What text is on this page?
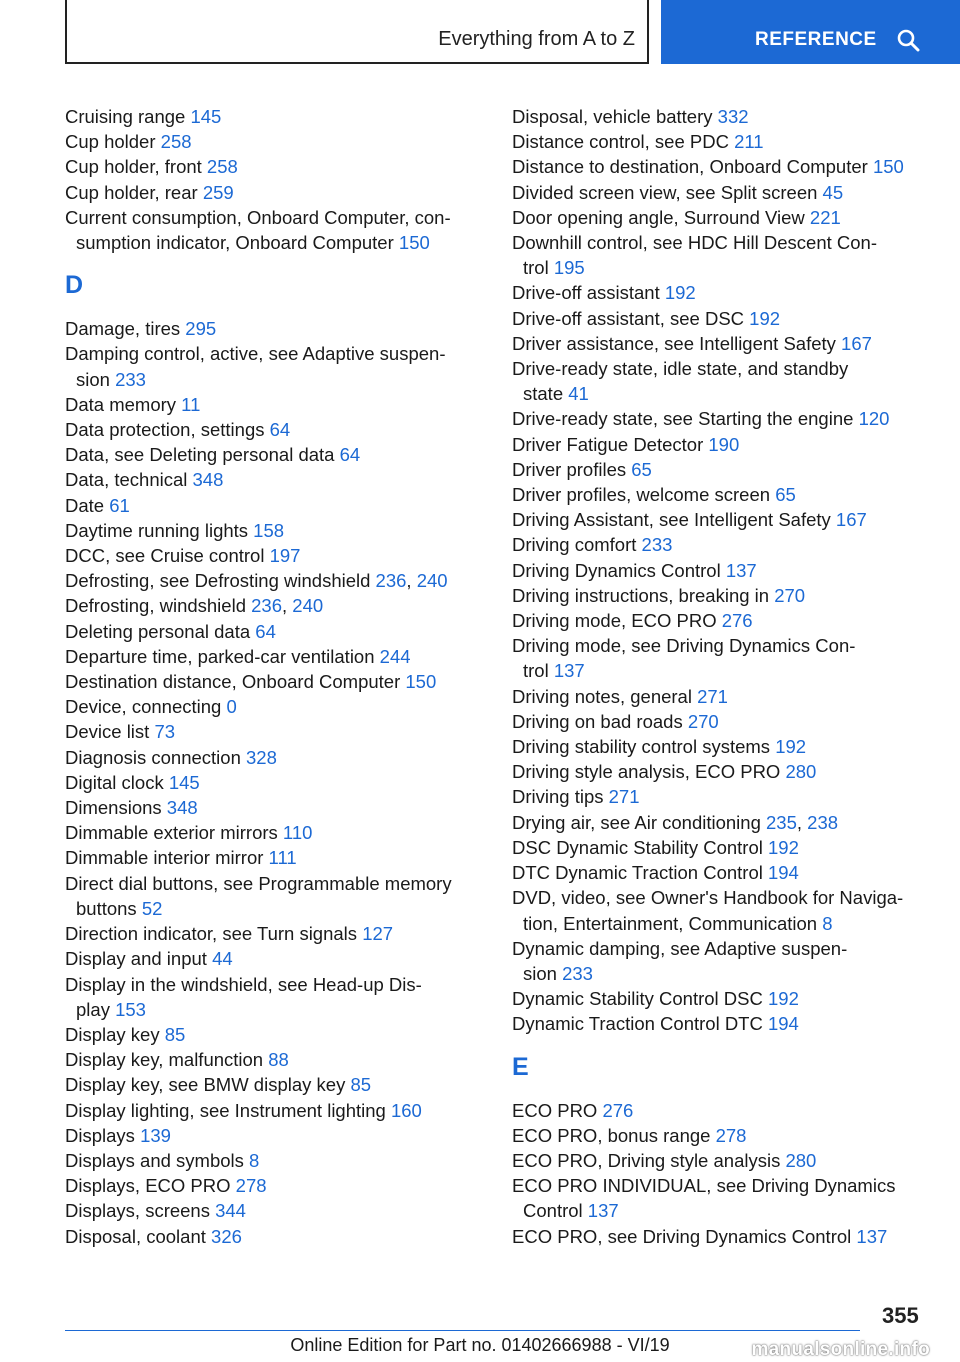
Everything from A to Z	REFERENCE
Cruising range 145
Cup holder 258
Cup holder, front 258
Cup holder, rear 259
Current consumption, Onboard Computer, con-
sumption indicator, Onboard Computer 150
D
Damage, tires 295
Damping control, active, see Adaptive suspen-
sion 233
Data memory 11
Data protection, settings 64
Data, see Deleting personal data 64
Data, technical 348
Date 61
Daytime running lights 158
DCC, see Cruise control 197
Defrosting, see Defrosting windshield 236, 240
Defrosting, windshield 236, 240
Deleting personal data 64
Departure time, parked-car ventilation 244
Destination distance, Onboard Computer 150
Device, connecting 0
Device list 73
Diagnosis connection 328
Digital clock 145
Dimensions 348
Dimmable exterior mirrors 110
Dimmable interior mirror 111
Direct dial buttons, see Programmable memory
buttons 52
Direction indicator, see Turn signals 127
Display and input 44
Display in the windshield, see Head-up Dis-
play 153
Display key 85
Display key, malfunction 88
Display key, see BMW display key 85
Display lighting, see Instrument lighting 160
Displays 139
Displays and symbols 8
Displays, ECO PRO 278
Displays, screens 344
Disposal, coolant 326
Disposal, vehicle battery 332
Distance control, see PDC 211
Distance to destination, Onboard Computer 150
Divided screen view, see Split screen 45
Door opening angle, Surround View 221
Downhill control, see HDC Hill Descent Con-
trol 195
Drive-off assistant 192
Drive-off assistant, see DSC 192
Driver assistance, see Intelligent Safety 167
Drive-ready state, idle state, and standby
state 41
Drive-ready state, see Starting the engine 120
Driver Fatigue Detector 190
Driver profiles 65
Driver profiles, welcome screen 65
Driving Assistant, see Intelligent Safety 167
Driving comfort 233
Driving Dynamics Control 137
Driving instructions, breaking in 270
Driving mode, ECO PRO 276
Driving mode, see Driving Dynamics Con-
trol 137
Driving notes, general 271
Driving on bad roads 270
Driving stability control systems 192
Driving style analysis, ECO PRO 280
Driving tips 271
Drying air, see Air conditioning 235, 238
DSC Dynamic Stability Control 192
DTC Dynamic Traction Control 194
DVD, video, see Owner's Handbook for Naviga-
tion, Entertainment, Communication 8
Dynamic damping, see Adaptive suspen-
sion 233
Dynamic Stability Control DSC 192
Dynamic Traction Control DTC 194
E
ECO PRO 276
ECO PRO, bonus range 278
ECO PRO, Driving style analysis 280
ECO PRO INDIVIDUAL, see Driving Dynamics
Control 137
ECO PRO, see Driving Dynamics Control 137
355
Online Edition for Part no. 01402666988 - VI/19	manualsonline.info
